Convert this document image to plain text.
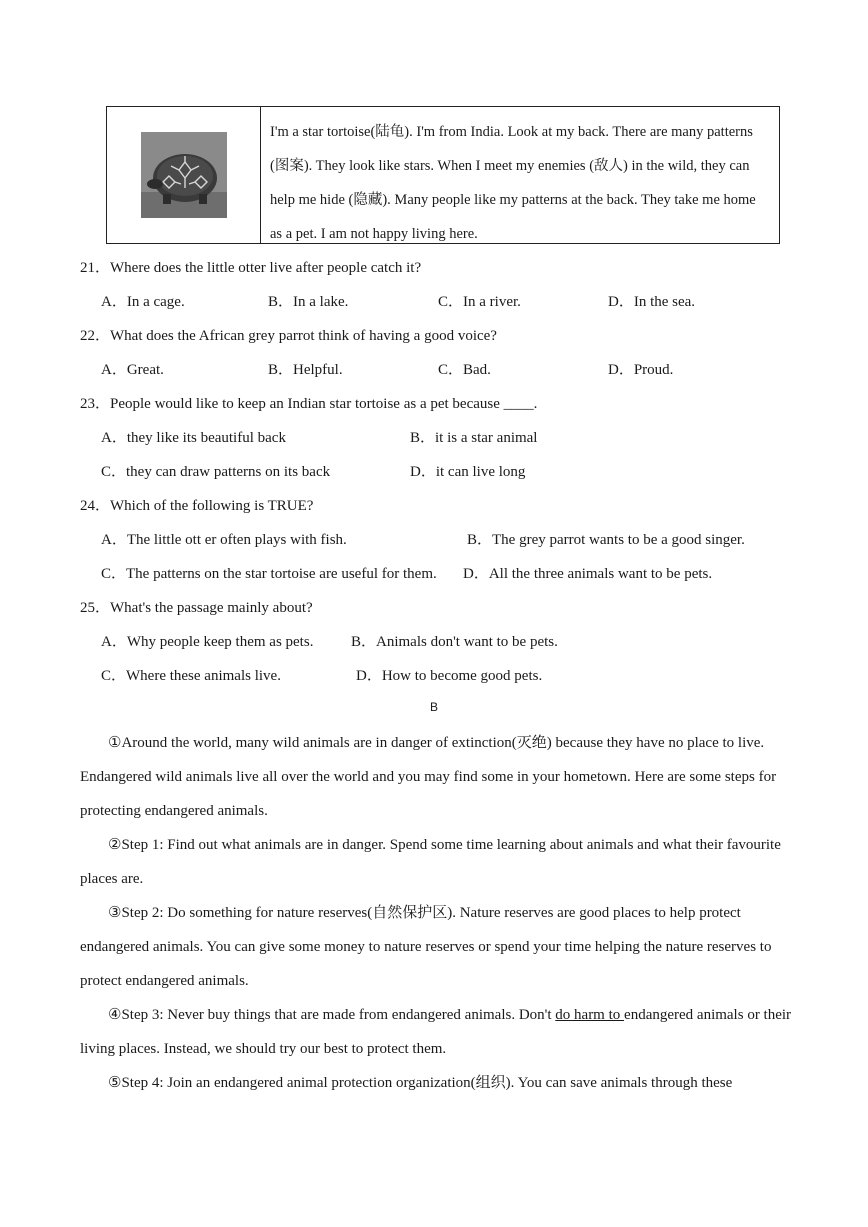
I'm a star tortoise(陆龟). I'm from India. Look at my back. There are many patterns (图案). They look like stars. When I meet my enemies (敌人) in the wild, they can help me hide (隐藏). Many people like my patterns at the back. They take me home as a pet. I am not happy living here.
21．Where does the little otter live after people catch it?
A．In a cage.	B．In a lake.	C．In a river.	D．In the sea.
22．What does the African grey parrot think of having a good voice?
A．Great.	B．Helpful.	C．Bad.	D．Proud.
23．People would like to keep an Indian star tortoise as a pet because ____.
A．they like its beautiful back	B．it is a star animal
C．they can draw patterns on its back	D．it can live long
24．Which of the following is TRUE?
A．The little ott er often plays with fish.	B．The grey parrot wants to be a good singer.
C．The patterns on the star tortoise are useful for them. D．All the three animals want to be pets.
25．What's the passage mainly about?
A．Why people keep them as pets.	B．Animals don't want to be pets.
C．Where these animals live.	D．How to become good pets.
B
①Around the world, many wild animals are in danger of extinction(灭绝) because they have no place to live. Endangered wild animals live all over the world and you may find some in your hometown. Here are some steps for protecting endangered animals.
②Step 1: Find out what animals are in danger. Spend some time learning about animals and what their favourite places are.
③Step 2: Do something for nature reserves(自然保护区). Nature reserves are good places to help protect endangered animals. You can give some money to nature reserves or spend your time helping the nature reserves to protect endangered animals.
④Step 3: Never buy things that are made from endangered animals. Don't do harm to endangered animals or their living places. Instead, we should try our best to protect them.
⑤Step 4: Join an endangered animal protection organization(组织). You can save animals through these
